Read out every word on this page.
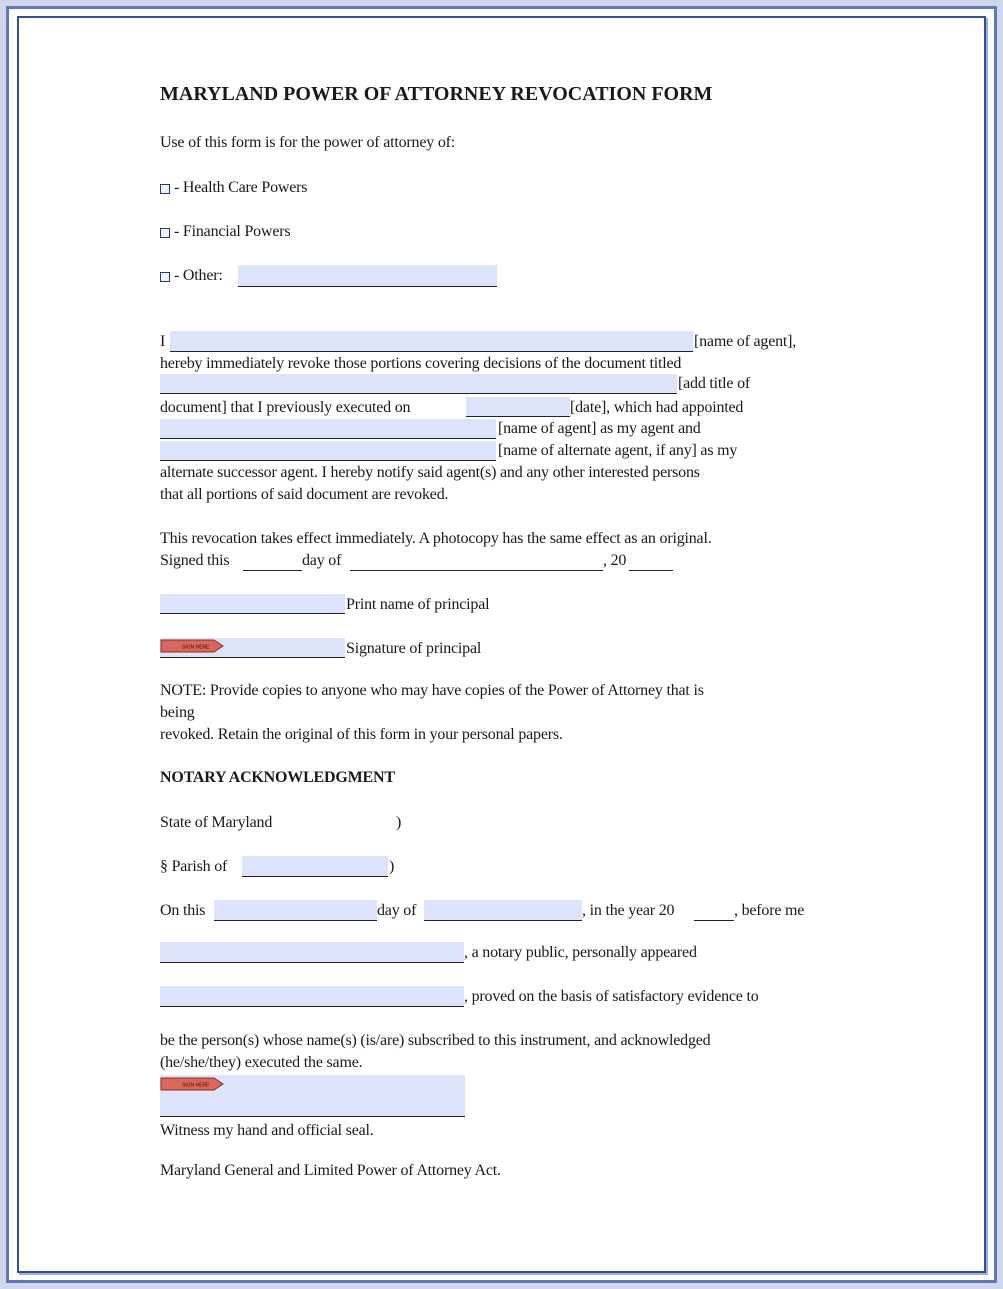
MARYLAND POWER OF ATTORNEY REVOCATION FORM
Use of this form is for the power of attorney of:
- Health Care Powers
- Financial Powers
- Other:
I	[name of agent],
hereby immediately revoke those portions covering decisions of the document titled
[add title of
document] that I previously executed on	[date], which had appointed
[name of agent] as my agent and
[name of alternate agent, if any] as my
alternate successor agent. I hereby notify said agent(s) and any other interested persons
that all portions of said document are revoked.
This revocation takes effect immediately. A photocopy has the same effect as an original.
Signed this	day of	, 20
Print name of principal
SIGN HERE	Signature of principal
NOTE: Provide copies to anyone who may have copies of the Power of Attorney that is
being
revoked. Retain the original of this form in your personal papers.
NOTARY ACKNOWLEDGMENT
State of Maryland	)
§ Parish of	)
On this	day of	, in the year 20	, before me
, a notary public, personally appeared
, proved on the basis of satisfactory evidence to
be the person(s) whose name(s) (is/are) subscribed to this instrument, and acknowledged
(he/she/they) executed the same.
SIGN HERE
Witness my hand and official seal.
Maryland General and Limited Power of Attorney Act.
